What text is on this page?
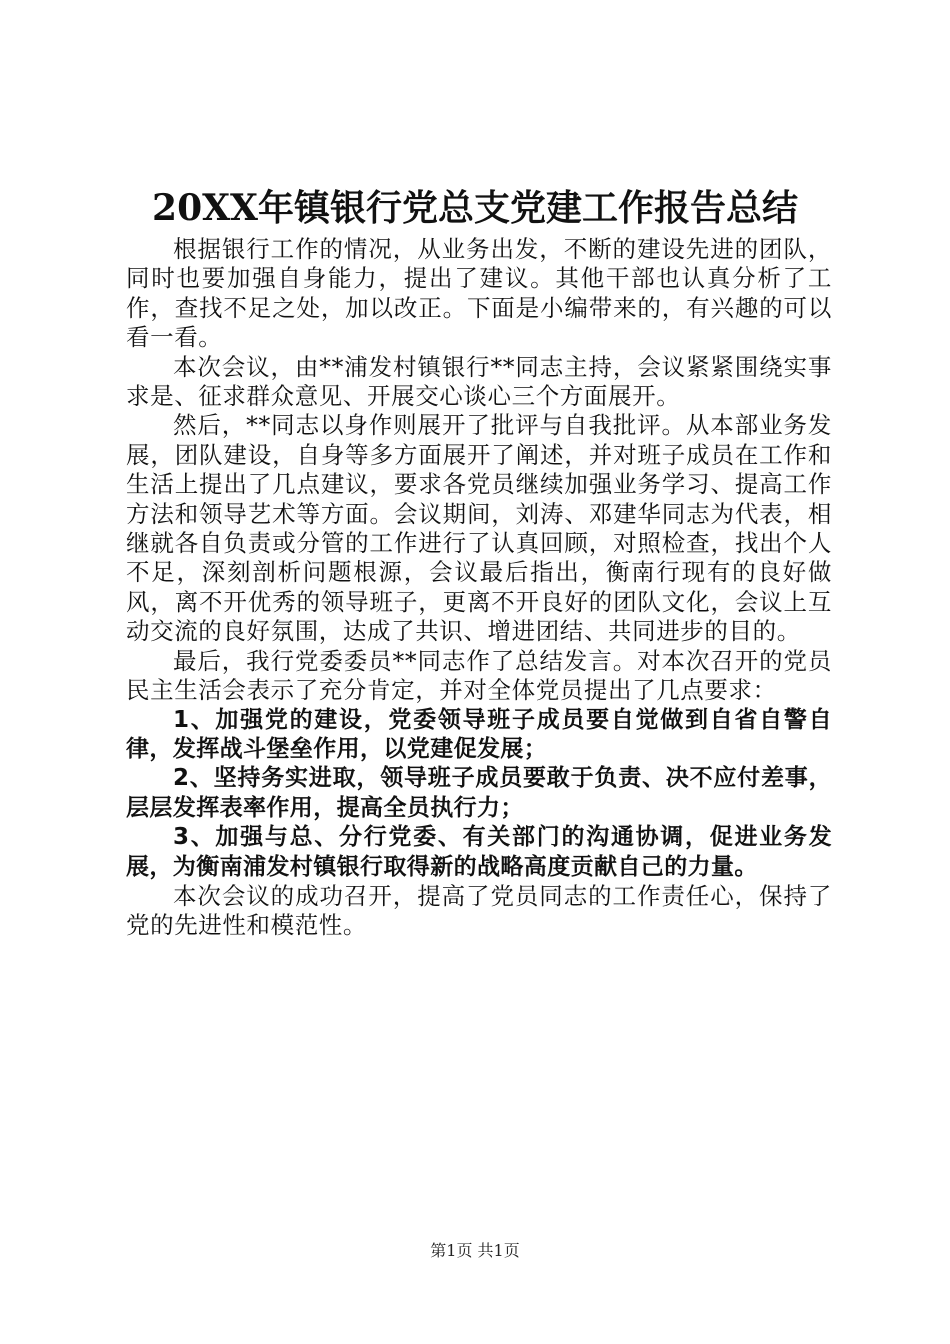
20XX年镇银行党总支党建工作报告总结

根据银行工作的情况，从业务出发，不断的建设先进的团队，同时也要加强自身能力，提出了建议。其他干部也认真分析了工作，查找不足之处，加以改正。下面是小编带来的，有兴趣的可以看一看。

本次会议，由**浦发村镇银行**同志主持，会议紧紧围绕实事求是、征求群众意见、开展交心谈心三个方面展开。

然后，**同志以身作则展开了批评与自我批评。从本部业务发展，团队建设，自身等多方面展开了阐述，并对班子成员在工作和生活上提出了几点建议，要求各党员继续加强业务学习、提高工作方法和领导艺术等方面。会议期间，刘涛、邓建华同志为代表，相继就各自负责或分管的工作进行了认真回顾，对照检查，找出个人不足，深刻剖析问题根源，会议最后指出，衡南行现有的良好做风，离不开优秀的领导班子，更离不开良好的团队文化，会议上互动交流的良好氛围，达成了共识、增进团结、共同进步的目的。

最后，我行党委委员**同志作了总结发言。对本次召开的党员民主生活会表示了充分肯定，并对全体党员提出了几点要求：

1、加强党的建设，党委领导班子成员要自觉做到自省自警自律，发挥战斗堡垒作用，以党建促发展；

2、坚持务实进取，领导班子成员要敢于负责、决不应付差事，层层发挥表率作用，提高全员执行力；

3、加强与总、分行党委、有关部门的沟通协调，促进业务发展，为衡南浦发村镇银行取得新的战略高度贡献自己的力量。

本次会议的成功召开，提高了党员同志的工作责任心，保持了党的先进性和模范性。

第1页 共1页
